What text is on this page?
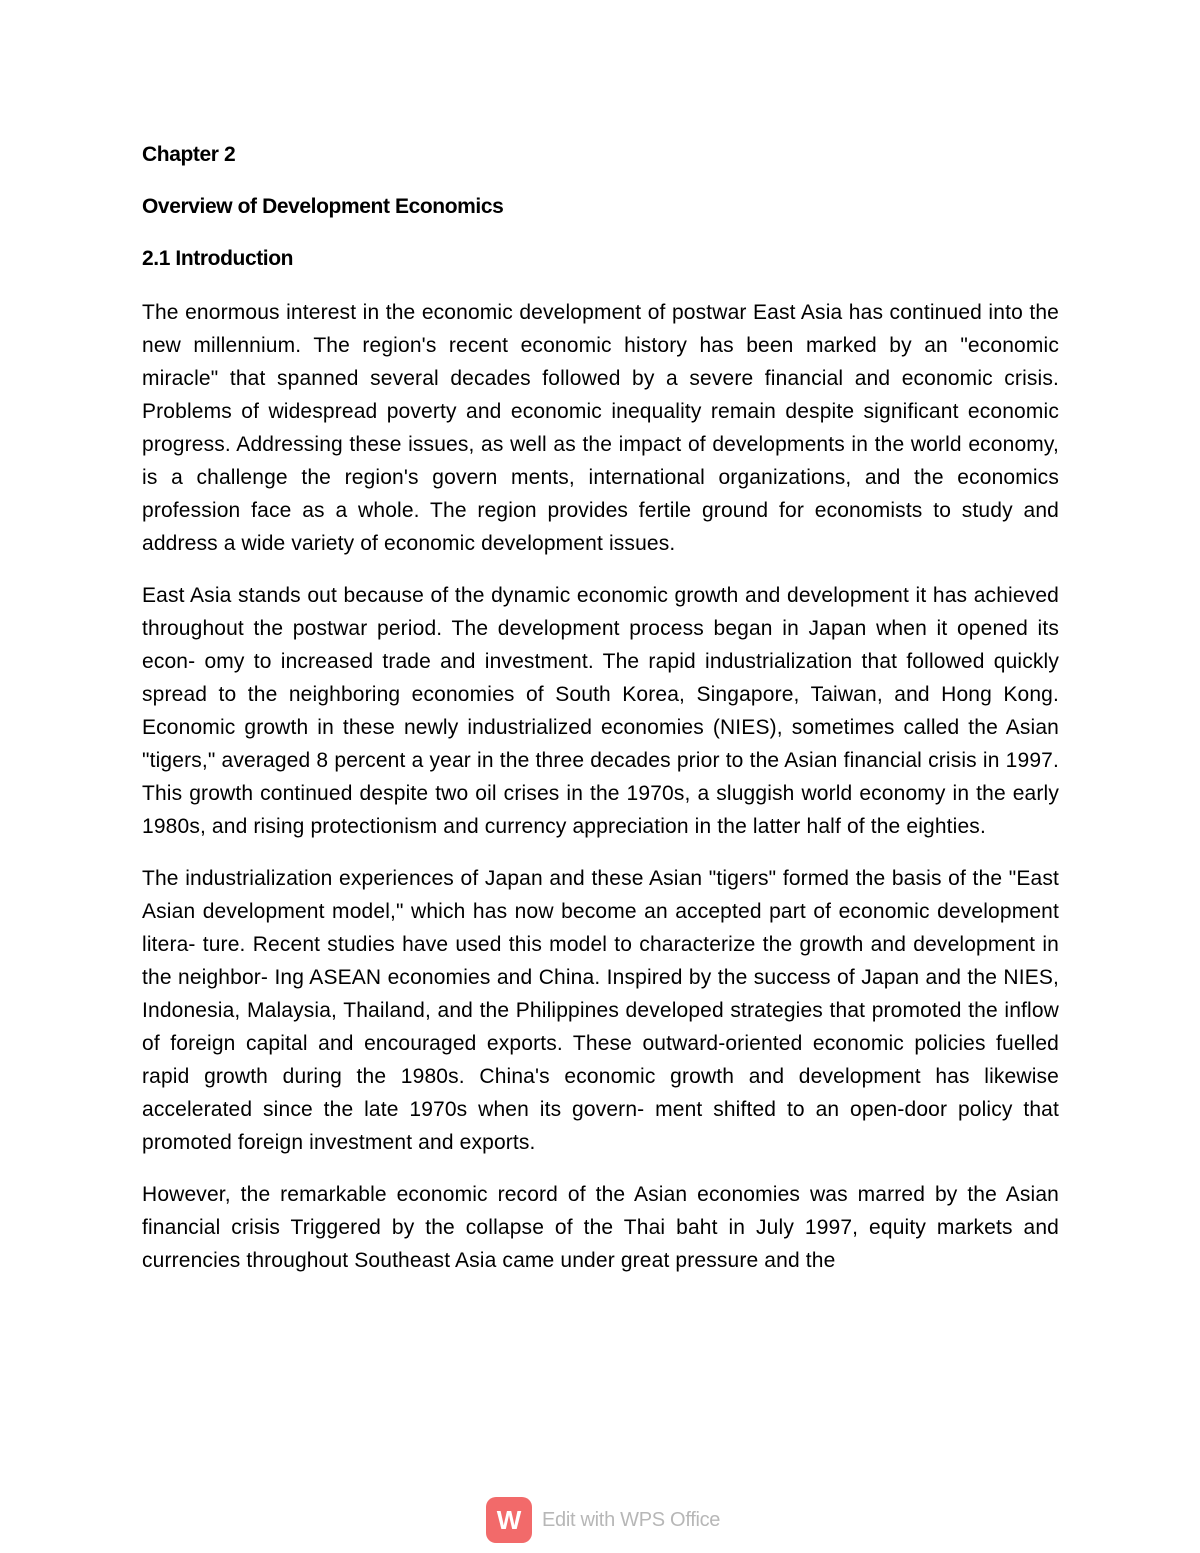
Chapter 2
Overview of Development Economics
2.1 Introduction

The enormous interest in the economic development of postwar East Asia has continued into the new millennium. The region's recent economic history has been marked by an "economic miracle" that spanned several decades followed by a severe financial and economic crisis. Problems of widespread poverty and economic inequality remain despite significant economic progress. Addressing these issues, as well as the impact of developments in the world economy, is a challenge the region's govern ments, international organizations, and the economics profession face as a whole. The region provides fertile ground for economists to study and address a wide variety of economic development issues.

East Asia stands out because of the dynamic economic growth and development it has achieved throughout the postwar period. The development process began in Japan when it opened its econ- omy to increased trade and investment. The rapid industrialization that followed quickly spread to the neighboring economies of South Korea, Singapore, Taiwan, and Hong Kong. Economic growth in these newly industrialized economies (NIES), sometimes called the Asian "tigers," averaged 8 percent a year in the three decades prior to the Asian financial crisis in 1997. This growth continued despite two oil crises in the 1970s, a sluggish world economy in the early 1980s, and rising protectionism and currency appreciation in the latter half of the eighties.

The industrialization experiences of Japan and these Asian "tigers" formed the basis of the "East Asian development model," which has now become an accepted part of economic development litera- ture. Recent studies have used this model to characterize the growth and development in the neighbor- Ing ASEAN economies and China. Inspired by the success of Japan and the NIES, Indonesia, Malaysia, Thailand, and the Philippines developed strategies that promoted the inflow of foreign capital and encouraged exports. These outward-oriented economic policies fuelled rapid growth during the 1980s. China's economic growth and development has likewise accelerated since the late 1970s when its govern- ment shifted to an open-door policy that promoted foreign investment and exports.

However, the remarkable economic record of the Asian economies was marred by the Asian financial crisis Triggered by the collapse of the Thai baht in July 1997, equity markets and currencies throughout Southeast Asia came under great pressure and the

W	Edit with WPS Office
